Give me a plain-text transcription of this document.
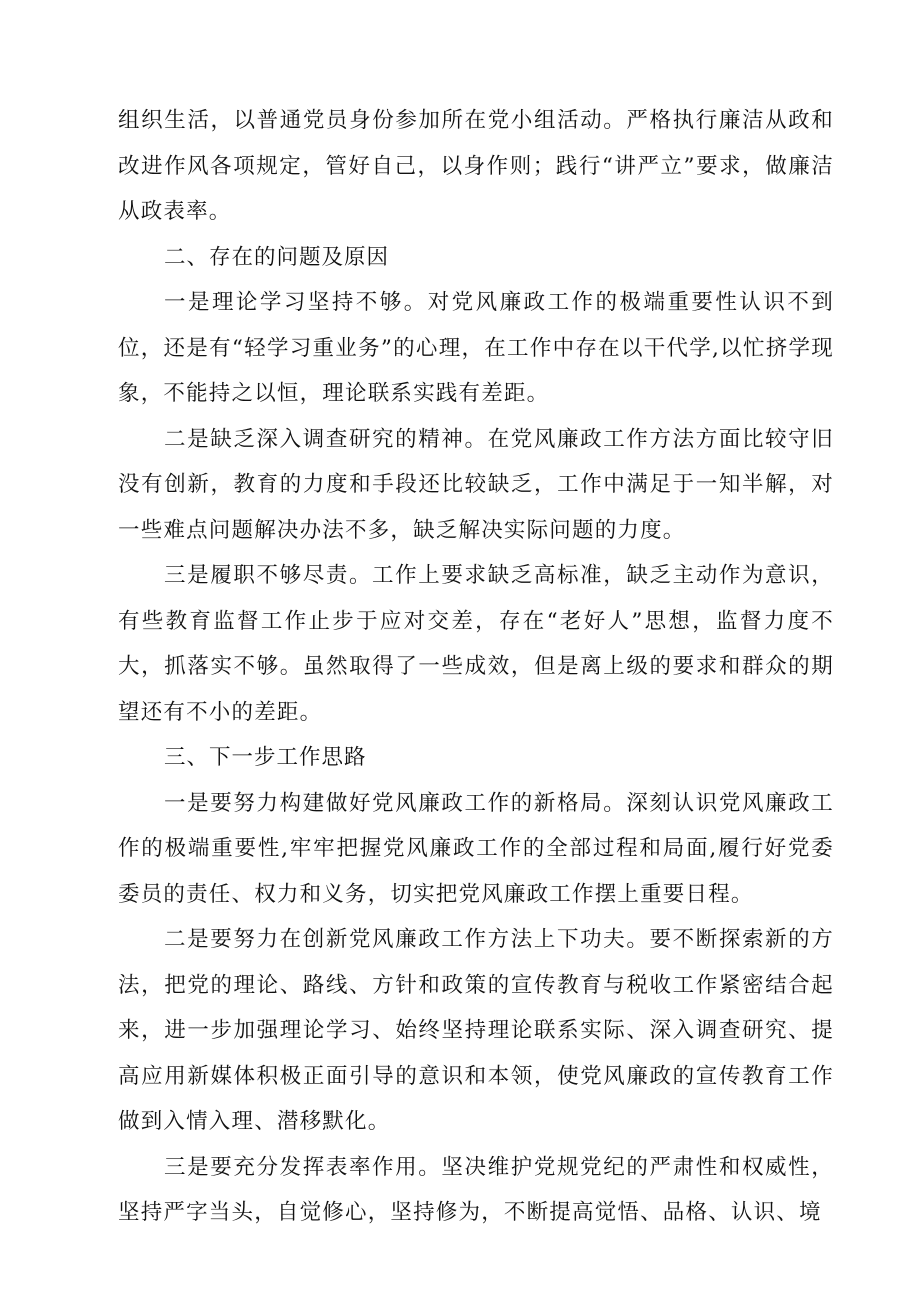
组织生活，以普通党员身份参加所在党小组活动。严格执行廉洁从政和改进作风各项规定，管好自己，以身作则；践行“讲严立”要求，做廉洁从政表率。

二、存在的问题及原因

一是理论学习坚持不够。对党风廉政工作的极端重要性认识不到位，还是有“轻学习重业务”的心理，在工作中存在以干代学,以忙挤学现象，不能持之以恒，理论联系实践有差距。

二是缺乏深入调查研究的精神。在党风廉政工作方法方面比较守旧没有创新，教育的力度和手段还比较缺乏，工作中满足于一知半解，对一些难点问题解决办法不多，缺乏解决实际问题的力度。

三是履职不够尽责。工作上要求缺乏高标准，缺乏主动作为意识，有些教育监督工作止步于应对交差，存在“老好人”思想，监督力度不大，抓落实不够。虽然取得了一些成效，但是离上级的要求和群众的期望还有不小的差距。

三、下一步工作思路

一是要努力构建做好党风廉政工作的新格局。深刻认识党风廉政工作的极端重要性,牢牢把握党风廉政工作的全部过程和局面,履行好党委委员的责任、权力和义务，切实把党风廉政工作摆上重要日程。

二是要努力在创新党风廉政工作方法上下功夫。要不断探索新的方法，把党的理论、路线、方针和政策的宣传教育与税收工作紧密结合起来，进一步加强理论学习、始终坚持理论联系实际、深入调查研究、提高应用新媒体积极正面引导的意识和本领，使党风廉政的宣传教育工作做到入情入理、潜移默化。

三是要充分发挥表率作用。坚决维护党规党纪的严肃性和权威性，坚持严字当头，自觉修心，坚持修为，不断提高觉悟、品格、认识、境
